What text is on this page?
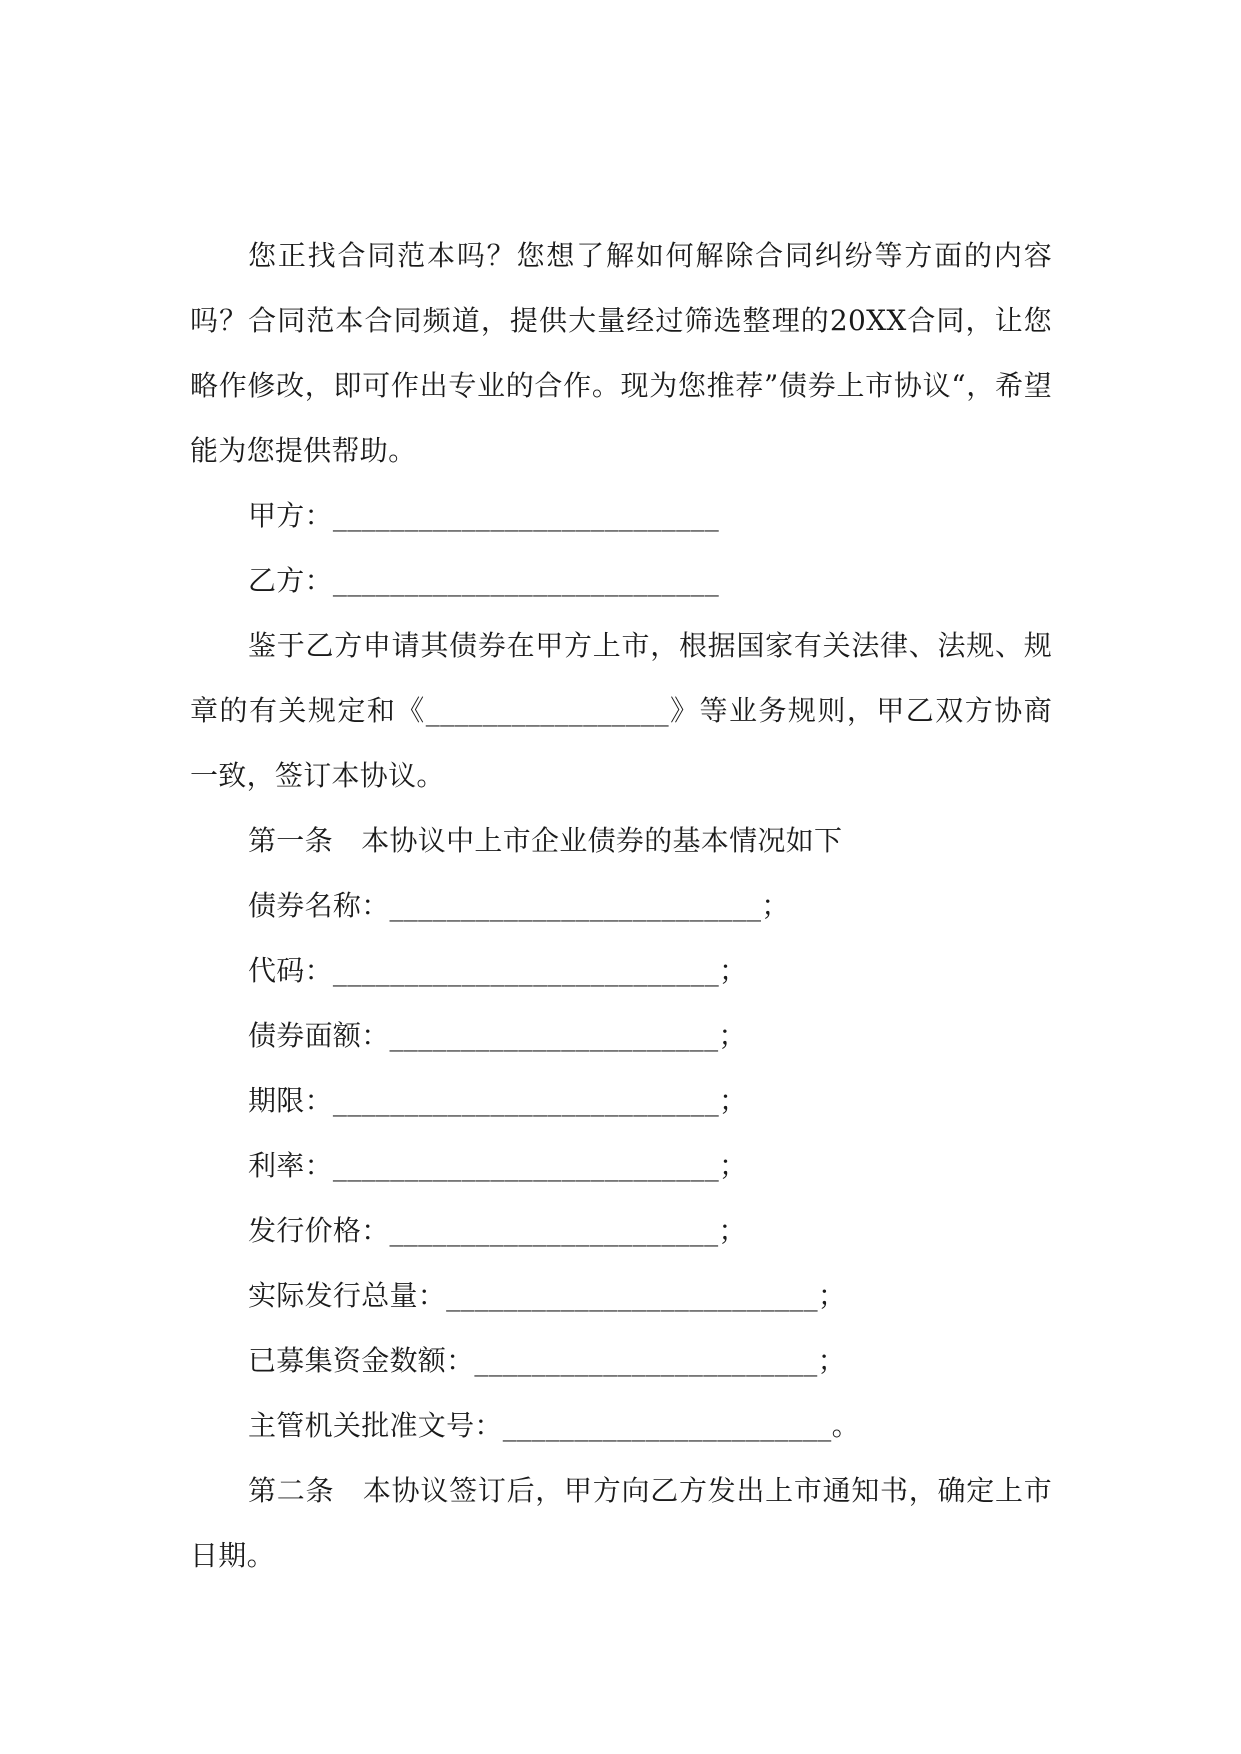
您正找合同范本吗？您想了解如何解除合同纠纷等方面的内容吗？合同范本合同频道，提供大量经过筛选整理的20XX合同，让您略作修改，即可作出专业的合作。现为您推荐”债券上市协议“，希望能为您提供帮助。

甲方：___________________________

乙方：___________________________

鉴于乙方申请其债券在甲方上市，根据国家有关法律、法规、规章的有关规定和《_________________》等业务规则，甲乙双方协商一致，签订本协议。

第一条　本协议中上市企业债券的基本情况如下

债券名称：__________________________；

代码：___________________________；

债券面额：_______________________；

期限：___________________________；

利率：___________________________；

发行价格：_______________________；

实际发行总量：__________________________；

已募集资金数额：________________________；

主管机关批准文号：_______________________。

第二条　本协议签订后，甲方向乙方发出上市通知书，确定上市日期。
